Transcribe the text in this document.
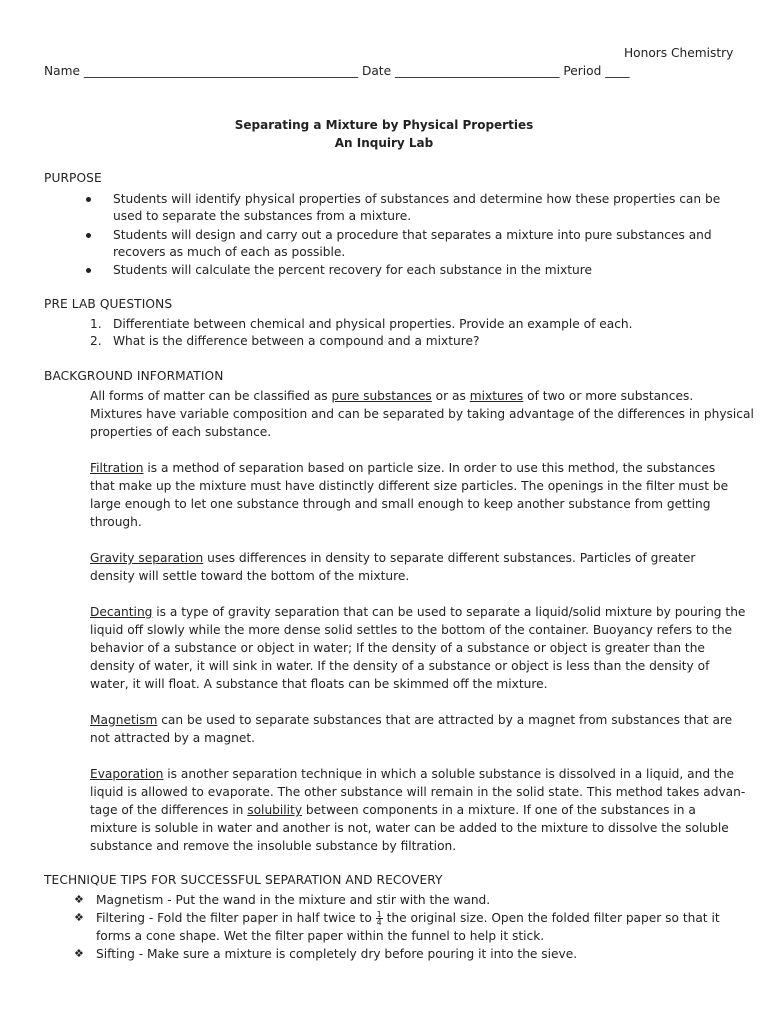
Honors Chemistry
Name _____________________________________________ Date ___________________________ Period ____
Separating a Mixture by Physical Properties
An Inquiry Lab
PURPOSE
Students will identify physical properties of substances and determine how these properties can be
used to separate the substances from a mixture.
Students will design and carry out a procedure that separates a mixture into pure substances and
recovers as much of each as possible.
Students will calculate the percent recovery for each substance in the mixture
PRE LAB QUESTIONS
1. Differentiate between chemical and physical properties. Provide an example of each.
2. What is the difference between a compound and a mixture?
BACKGROUND INFORMATION
All forms of matter can be classified as pure substances or as mixtures of two or more substances.
Mixtures have variable composition and can be separated by taking advantage of the differences in physical
properties of each substance.
Filtration is a method of separation based on particle size. In order to use this method, the substances
that make up the mixture must have distinctly different size particles. The openings in the filter must be
large enough to let one substance through and small enough to keep another substance from getting
through.
Gravity separation uses differences in density to separate different substances. Particles of greater
density will settle toward the bottom of the mixture.
Decanting is a type of gravity separation that can be used to separate a liquid/solid mixture by pouring the
liquid off slowly while the more dense solid settles to the bottom of the container. Buoyancy refers to the
behavior of a substance or object in water; If the density of a substance or object is greater than the
density of water, it will sink in water. If the density of a substance or object is less than the density of
water, it will float. A substance that floats can be skimmed off the mixture.
Magnetism can be used to separate substances that are attracted by a magnet from substances that are
not attracted by a magnet.
Evaporation is another separation technique in which a soluble substance is dissolved in a liquid, and the
liquid is allowed to evaporate. The other substance will remain in the solid state. This method takes advan-
tage of the differences in solubility between components in a mixture. If one of the substances in a
mixture is soluble in water and another is not, water can be added to the mixture to dissolve the soluble
substance and remove the insoluble substance by filtration.
TECHNIQUE TIPS FOR SUCCESSFUL SEPARATION AND RECOVERY
❖ Magnetism - Put the wand in the mixture and stir with the wand.
❖ Filtering - Fold the filter paper in half twice to $\frac{1}{4}$ the original size. Open the folded filter paper so that it
forms a cone shape. Wet the filter paper within the funnel to help it stick.
❖ Sifting - Make sure a mixture is completely dry before pouring it into the sieve.
